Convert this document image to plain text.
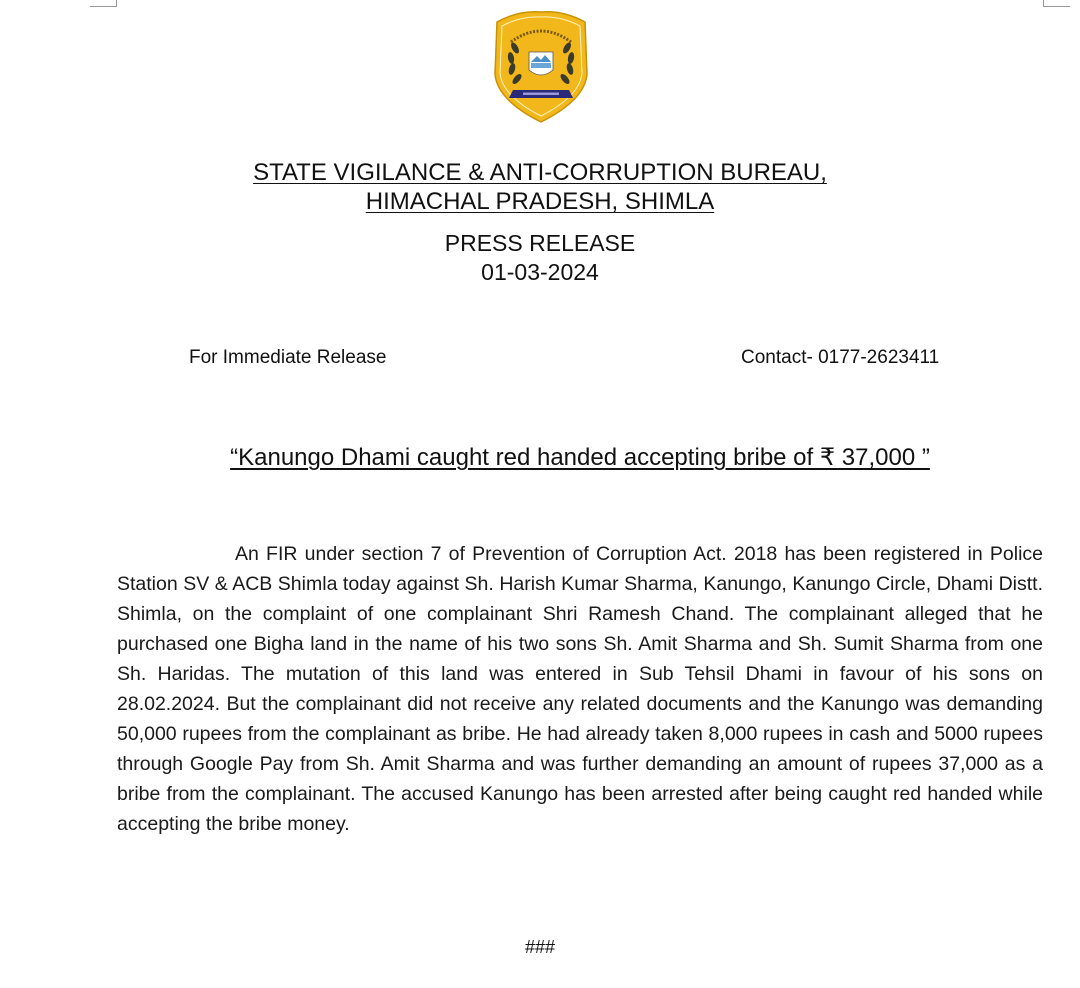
STATE VIGILANCE & ANTI-CORRUPTION BUREAU,
HIMACHAL PRADESH, SHIMLA
PRESS RELEASE
01-03-2024
For Immediate Release	Contact- 0177-2623411
“Kanungo Dhami caught red handed accepting bribe of ₹ 37,000 ”

An FIR under section 7 of Prevention of Corruption Act. 2018 has been registered in Police Station SV & ACB Shimla today against Sh. Harish Kumar Sharma, Kanungo, Kanungo Circle, Dhami Distt. Shimla, on the complaint of one complainant Shri Ramesh Chand. The complainant alleged that he purchased one Bigha land in the name of his two sons Sh. Amit Sharma and Sh. Sumit Sharma from one Sh. Haridas. The mutation of this land was entered in Sub Tehsil Dhami in favour of his sons on 28.02.2024. But the complainant did not receive any related documents and the Kanungo was demanding 50,000 rupees from the complainant as bribe. He had already taken 8,000 rupees in cash and 5000 rupees through Google Pay from Sh. Amit Sharma and was further demanding an amount of rupees 37,000 as a bribe from the complainant. The accused Kanungo has been arrested after being caught red handed while accepting the bribe money.

###
